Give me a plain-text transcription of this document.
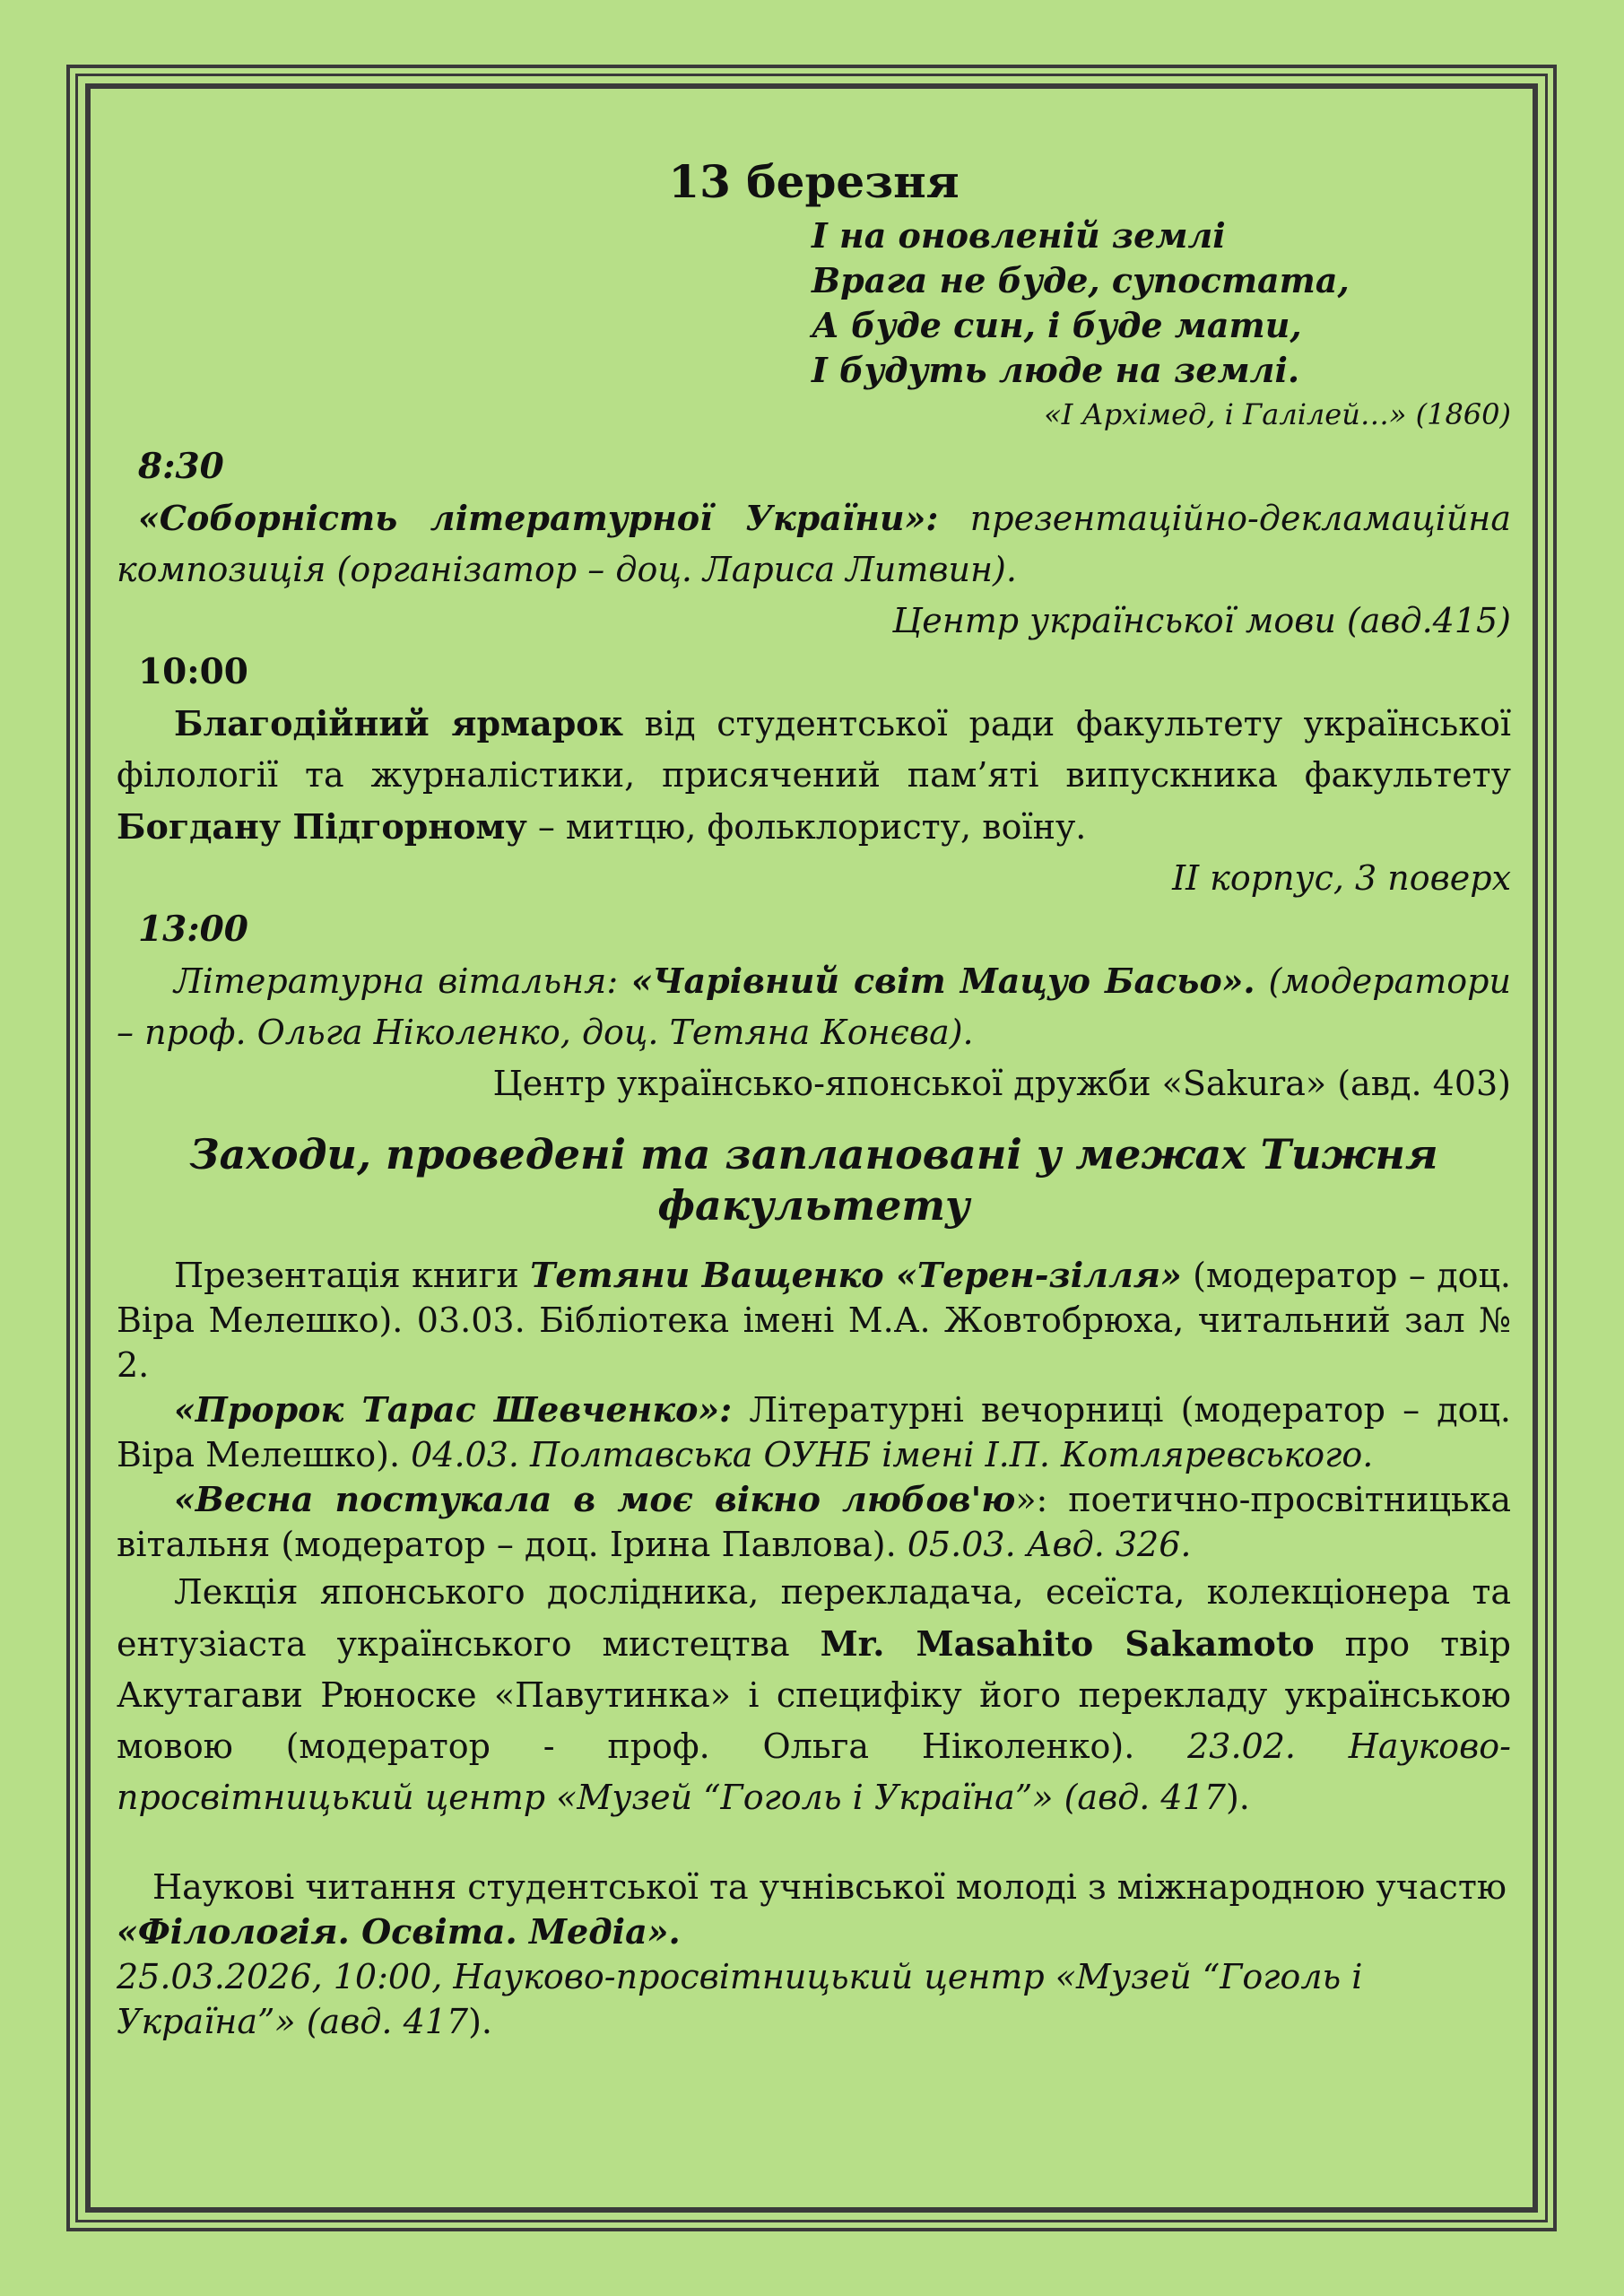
13 березня
І на оновленій землі
Врага не буде, супостата,
А буде син, і буде мати,
І будуть люде на землі.
«І Архімед, і Галілей…» (1860)
8:30
«Соборність літературної України»: презентаційно-декламаційна композиція (організатор – доц. Лариса Литвин).
Центр української мови (авд.415)
10:00
Благодійний ярмарок від студентської ради факультету української філології та журналістики, присячений пам’яті випускника факультету Богдану Підгорному – митцю, фольклористу, воїну.
ІІ корпус, 3 поверх
13:00
Літературна вітальня: «Чарівний світ Мацуо Басьо». (модератори – проф. Ольга Ніколенко, доц. Тетяна Конєва).
Центр українсько-японської дружби «Sakura» (авд. 403)
Заходи, проведені та заплановані у межах Тижня факультету
Презентація книги Тетяни Ващенко «Терен-зілля» (модератор – доц. Віра Мелешко). 03.03. Бібліотека імені М.А. Жовтобрюха, читальний зал № 2.
«Пророк Тарас Шевченко»: Літературні вечорниці (модератор – доц. Віра Мелешко). 04.03. Полтавська ОУНБ імені І.П. Котляревського.
«Весна постукала в моє вікно любов'ю»: поетично-просвітницька вітальня (модератор – доц. Ірина Павлова). 05.03. Авд. 326.
Лекція японського дослідника, перекладача, есеїста, колекціонера та ентузіаста українського мистецтва Mr. Masahito Sakamoto про твір Акутагави Рюноске «Павутинка» і специфіку його перекладу українською мовою (модератор - проф. Ольга Ніколенко). 23.02. Науково-просвітницький центр «Музей “Гоголь і Україна”» (авд. 417).
Наукові читання студентської та учнівської молоді з міжнародною участю «Філологія. Освіта. Медіа».
25.03.2026, 10:00, Науково-просвітницький центр «Музей “Гоголь і Україна”» (авд. 417).
